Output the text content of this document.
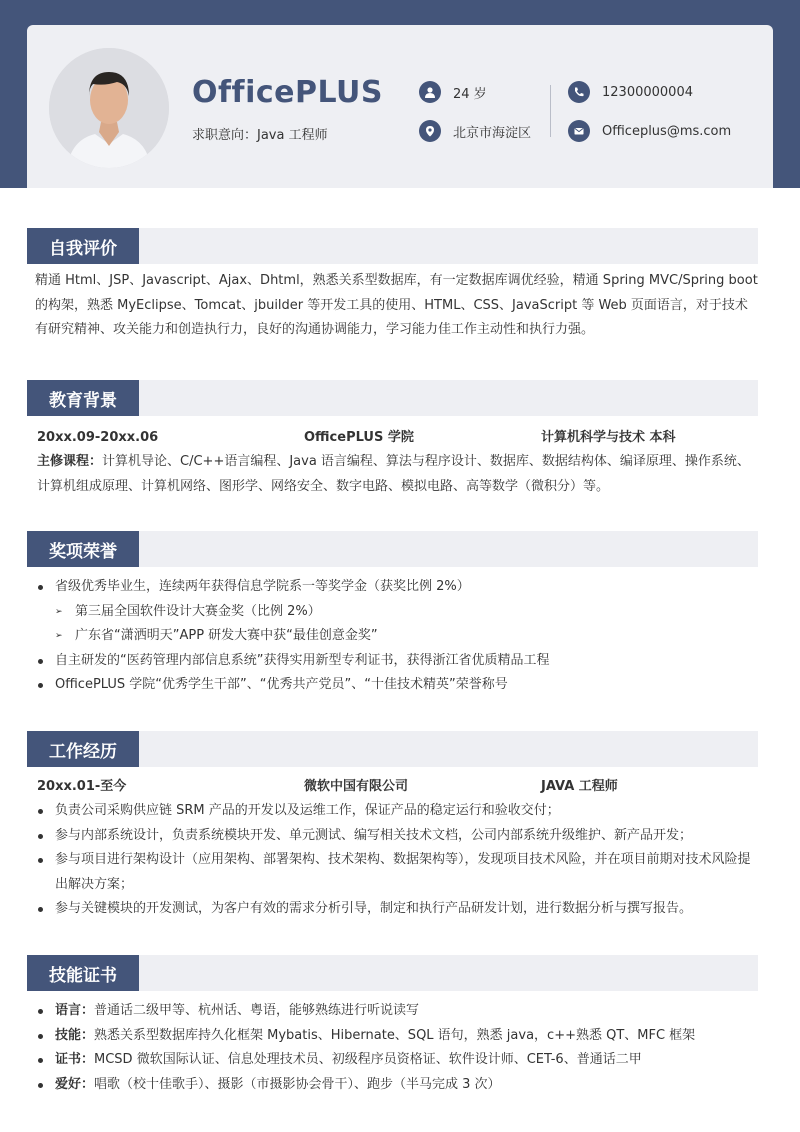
OfficePLUS
求职意向：Java 工程师
24 岁
北京市海淀区
12300000004
Officeplus@ms.com
自我评价

精通 Html、JSP、Javascript、Ajax、Dhtml，熟悉关系型数据库，有一定数据库调优经验，精通 Spring MVC/Spring boot 的构架，熟悉 MyEclipse、Tomcat、jbuilder 等开发工具的使用、HTML、CSS、JavaScript 等 Web 页面语言，对于技术有研究精神、攻关能力和创造执行力，良好的沟通协调能力，学习能力佳工作主动性和执行力强。

教育背景
20xx.09-20xx.06	OfficePLUS 学院	计算机科学与技术 本科
主修课程：计算机导论、C/C++语言编程、Java 语言编程、算法与程序设计、数据库、数据结构体、编译原理、操作系统、计算机组成原理、计算机网络、图形学、网络安全、数字电路、模拟电路、高等数学（微积分）等。
奖项荣誉
省级优秀毕业生，连续两年获得信息学院系一等奖学金（获奖比例 2%）
➢ 第三届全国软件设计大赛金奖（比例 2%）
➢ 广东省“潇洒明天”APP 研发大赛中获“最佳创意金奖”
自主研发的“医药管理内部信息系统”获得实用新型专利证书，获得浙江省优质精品工程
OfficePLUS 学院“优秀学生干部”、“优秀共产党员”、“十佳技术精英”荣誉称号
工作经历
20xx.01-至今	微软中国有限公司	JAVA 工程师
负责公司采购供应链 SRM 产品的开发以及运维工作，保证产品的稳定运行和验收交付；
参与内部系统设计，负责系统模块开发、单元测试、编写相关技术文档，公司内部系统升级维护、新产品开发；
参与项目进行架构设计（应用架构、部署架构、技术架构、数据架构等），发现项目技术风险，并在项目前期对技术风险提出解决方案；
参与关键模块的开发测试，为客户有效的需求分析引导，制定和执行产品研发计划，进行数据分析与撰写报告。
技能证书
语言：普通话二级甲等、杭州话、粤语，能够熟练进行听说读写
技能：熟悉关系型数据库持久化框架 Mybatis、Hibernate、SQL 语句，熟悉 java，c++熟悉 QT、MFC 框架
证书：MCSD 微软国际认证、信息处理技术员、初级程序员资格证、软件设计师、CET-6、普通话二甲
爱好：唱歌（校十佳歌手）、摄影（市摄影协会骨干）、跑步（半马完成 3 次）
